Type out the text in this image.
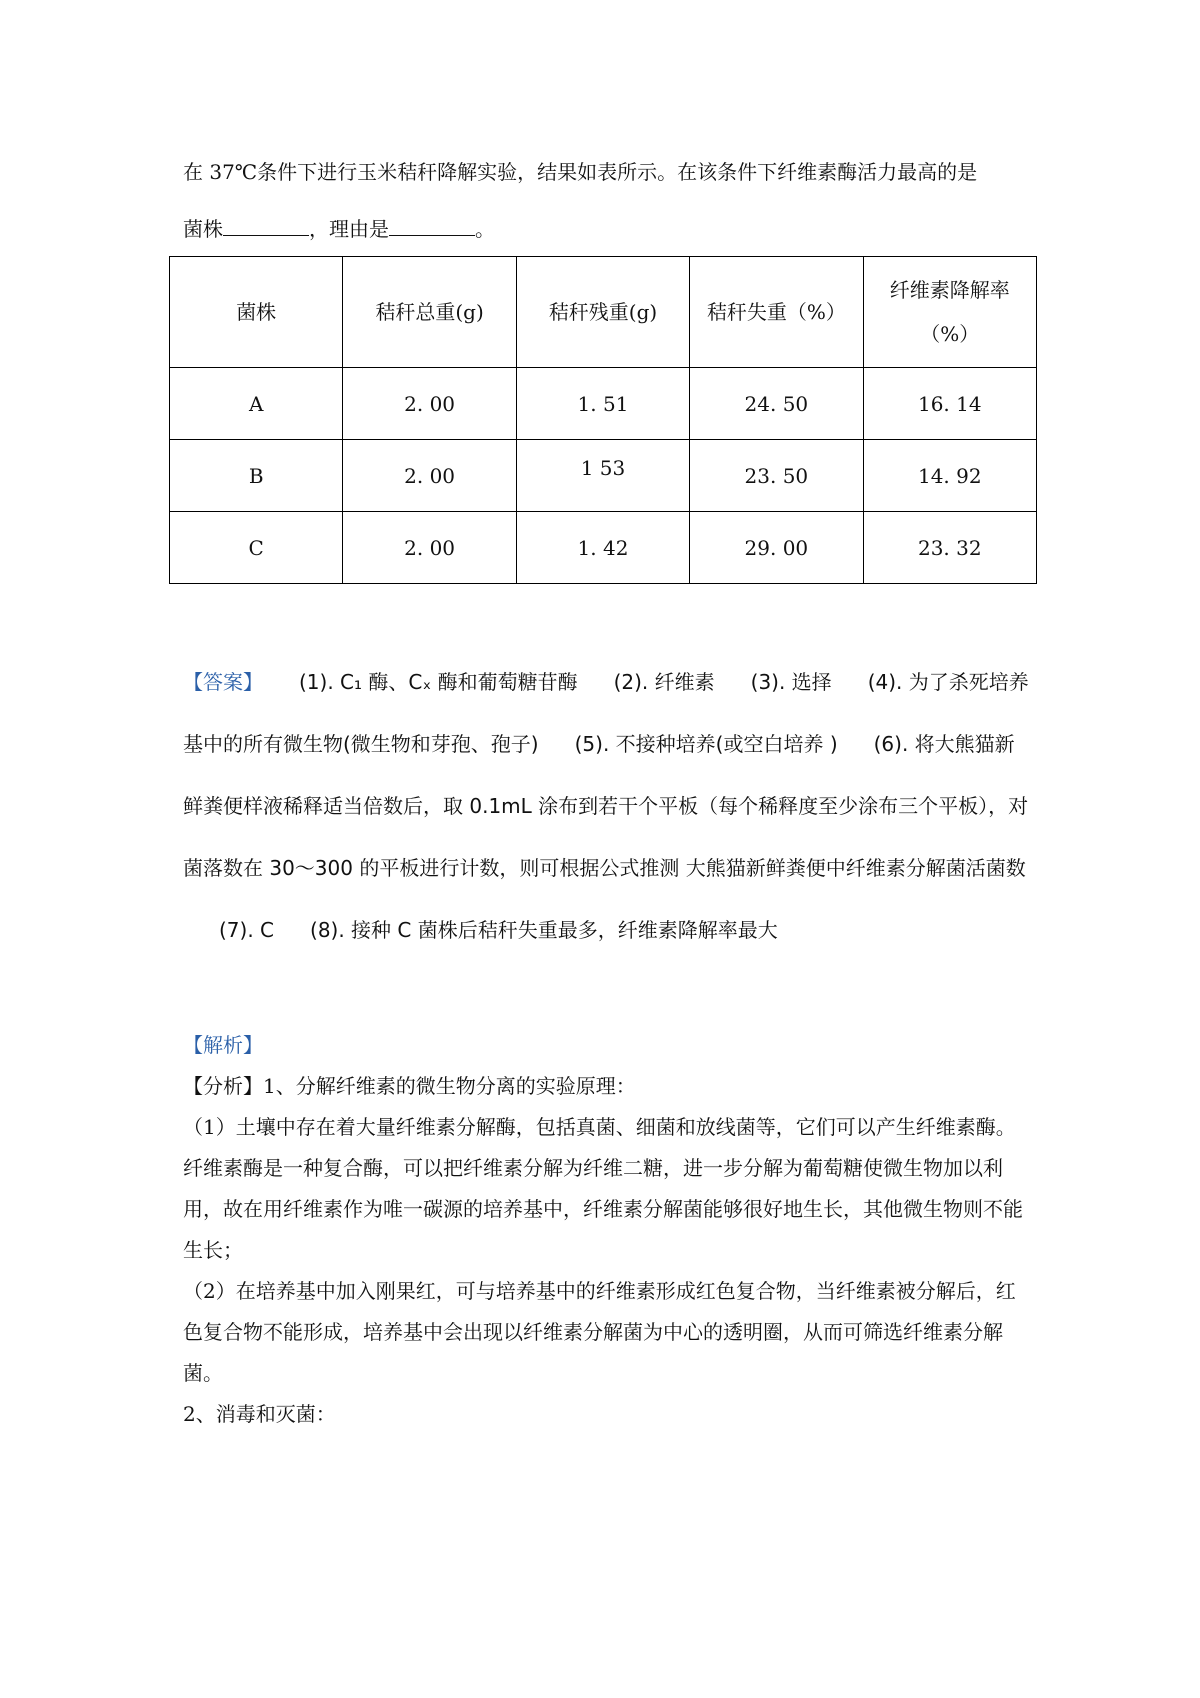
在 37℃条件下进行玉米秸秆降解实验，结果如表所示。在该条件下纤维素酶活力最高的是
菌株	，理由是	。
菌株	秸秆总重(g)	秸秆残重(g)	秸秆失重（%）	纤维素降解率
（%）
A	2. 00	1. 51	24. 50	16. 14
B	2. 00	1 53	23. 50	14. 92
C	2. 00	1. 42	29. 00	23. 32
【答案】 (1). C₁ 酶、Cₓ 酶和葡萄糖苷酶 (2). 纤维素 (3). 选择 (4). 为了杀死培养基中的所有微生物(微生物和芽孢、孢子) (5). 不接种培养(或空白培养 ) (6). 将大熊猫新鲜粪便样液稀释适当倍数后，取 0.1mL 涂布到若干个平板（每个稀释度至少涂布三个平板），对菌落数在 30～300 的平板进行计数，则可根据公式推测 大熊猫新鲜粪便中纤维素分解菌活菌数(7). C (8). 接种 C 菌株后秸秆失重最多，纤维素降解率最大

【解析】

【分析】1、分解纤维素的微生物分离的实验原理：

（1）土壤中存在着大量纤维素分解酶，包括真菌、细菌和放线菌等，它们可以产生纤维素酶。纤维素酶是一种复合酶，可以把纤维素分解为纤维二糖，进一步分解为葡萄糖使微生物加以利用，故在用纤维素作为唯一碳源的培养基中，纤维素分解菌能够很好地生长，其他微生物则不能生长；

（2）在培养基中加入刚果红，可与培养基中的纤维素形成红色复合物，当纤维素被分解后，红色复合物不能形成，培养基中会出现以纤维素分解菌为中心的透明圈，从而可筛选纤维素分解菌。

2、消毒和灭菌：
